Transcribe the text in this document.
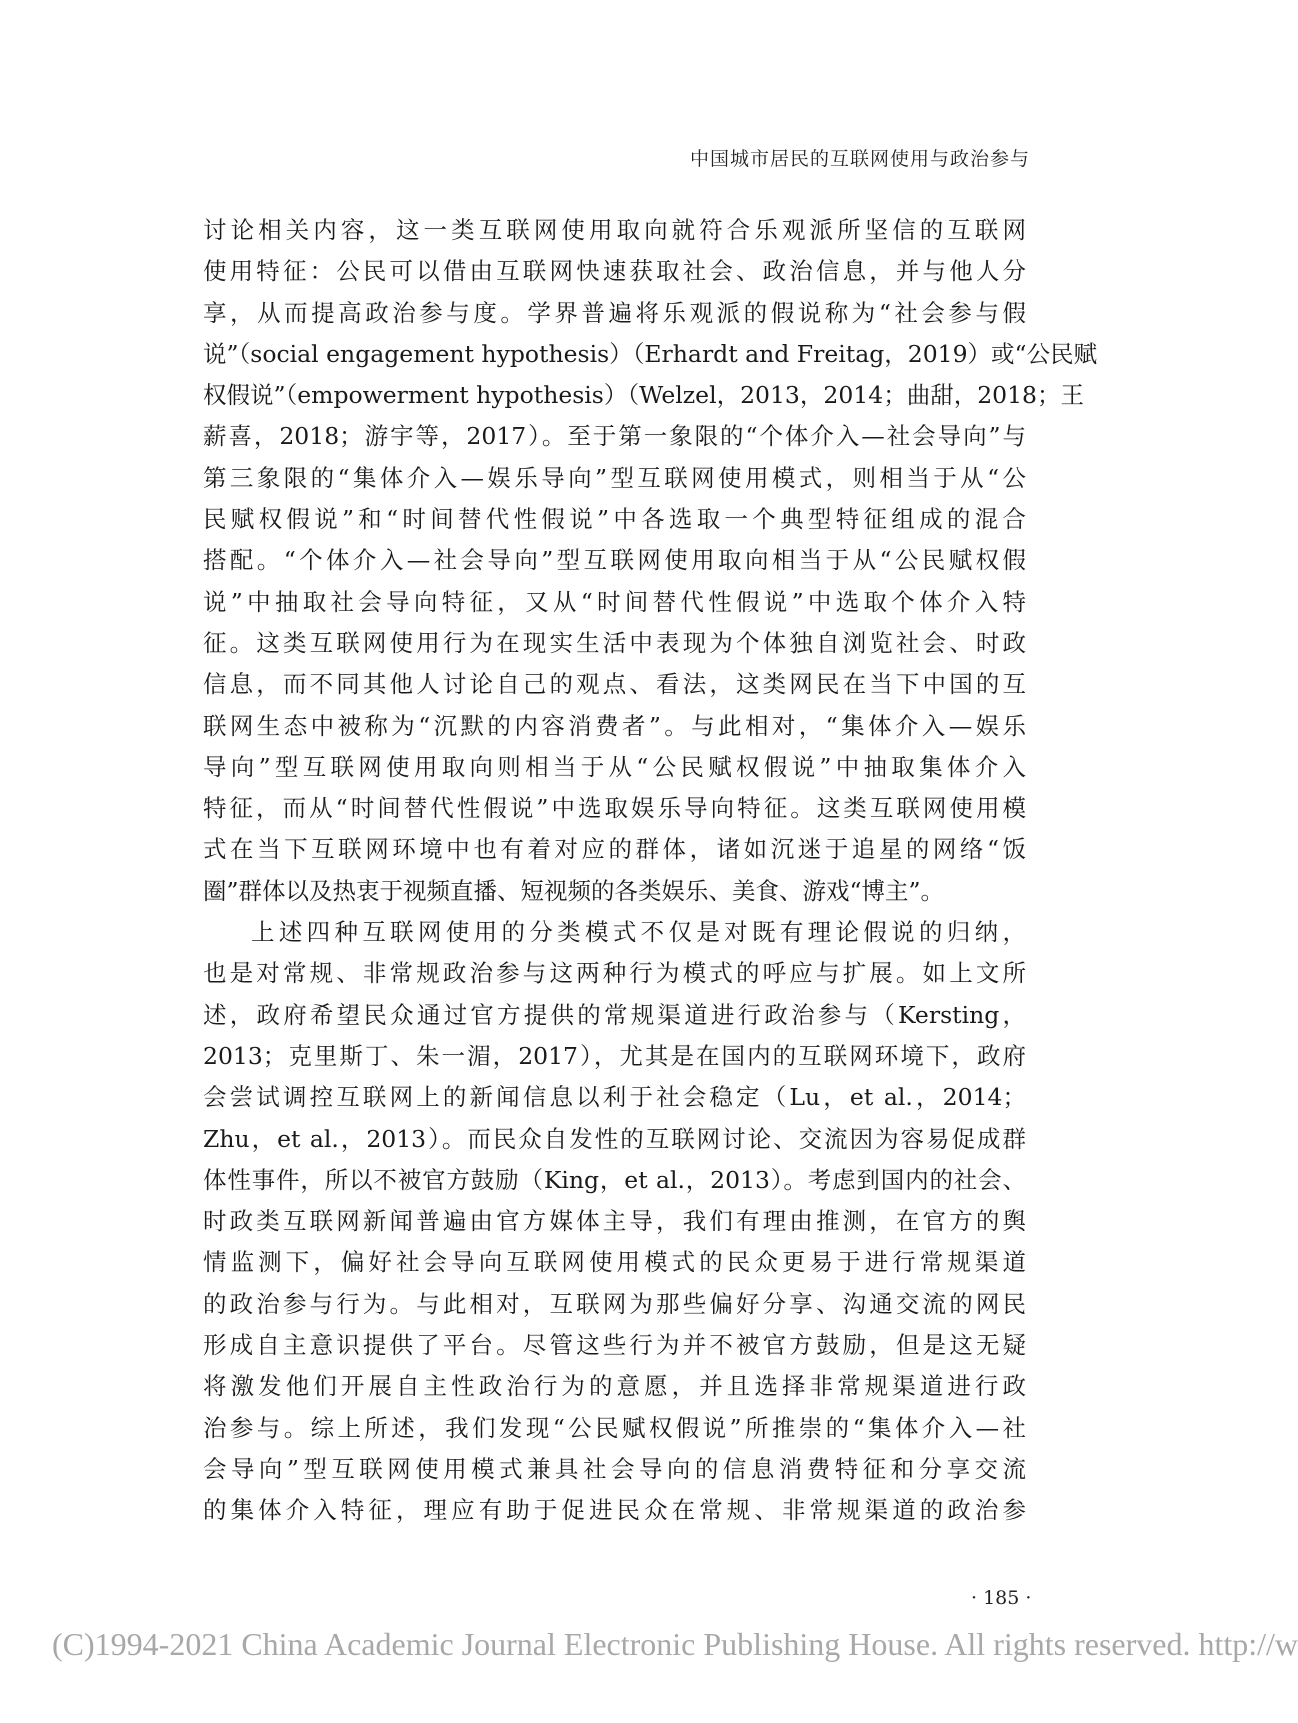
中国城市居民的互联网使用与政治参与
讨论相关内容，这一类互联网使用取向就符合乐观派所坚信的互联网
使用特征：公民可以借由互联网快速获取社会、政治信息，并与他人分
享，从而提高政治参与度。学界普遍将乐观派的假说称为“社会参与假
说”（social engagement hypothesis）（Erhardt and Freitag，2019）或“公民赋
权假说”（empowerment hypothesis）（Welzel，2013，2014；曲甜，2018；王
薪喜，2018；游宇等，2017）。至于第一象限的“个体介入—社会导向”与
第三象限的“集体介入—娱乐导向”型互联网使用模式，则相当于从“公
民赋权假说”和“时间替代性假说”中各选取一个典型特征组成的混合
搭配。“个体介入—社会导向”型互联网使用取向相当于从“公民赋权假
说”中抽取社会导向特征，又从“时间替代性假说”中选取个体介入特
征。这类互联网使用行为在现实生活中表现为个体独自浏览社会、时政
信息，而不同其他人讨论自己的观点、看法，这类网民在当下中国的互
联网生态中被称为“沉默的内容消费者”。与此相对，“集体介入—娱乐
导向”型互联网使用取向则相当于从“公民赋权假说”中抽取集体介入
特征，而从“时间替代性假说”中选取娱乐导向特征。这类互联网使用模
式在当下互联网环境中也有着对应的群体，诸如沉迷于追星的网络“饭
圈”群体以及热衷于视频直播、短视频的各类娱乐、美食、游戏“博主”。
上述四种互联网使用的分类模式不仅是对既有理论假说的归纳，
也是对常规、非常规政治参与这两种行为模式的呼应与扩展。如上文所
述，政府希望民众通过官方提供的常规渠道进行政治参与（Kersting，
2013；克里斯丁、朱一湄，2017），尤其是在国内的互联网环境下，政府
会尝试调控互联网上的新闻信息以利于社会稳定（Lu，et al.，2014；
Zhu，et al.，2013）。而民众自发性的互联网讨论、交流因为容易促成群
体性事件，所以不被官方鼓励（King，et al.，2013）。考虑到国内的社会、
时政类互联网新闻普遍由官方媒体主导，我们有理由推测，在官方的舆
情监测下，偏好社会导向互联网使用模式的民众更易于进行常规渠道
的政治参与行为。与此相对，互联网为那些偏好分享、沟通交流的网民
形成自主意识提供了平台。尽管这些行为并不被官方鼓励，但是这无疑
将激发他们开展自主性政治行为的意愿，并且选择非常规渠道进行政
治参与。综上所述，我们发现“公民赋权假说”所推崇的“集体介入—社
会导向”型互联网使用模式兼具社会导向的信息消费特征和分享交流
的集体介入特征，理应有助于促进民众在常规、非常规渠道的政治参
· 185 ·
(C)1994-2021 China Academic Journal Electronic Publishing House. All rights reserved. http://w
